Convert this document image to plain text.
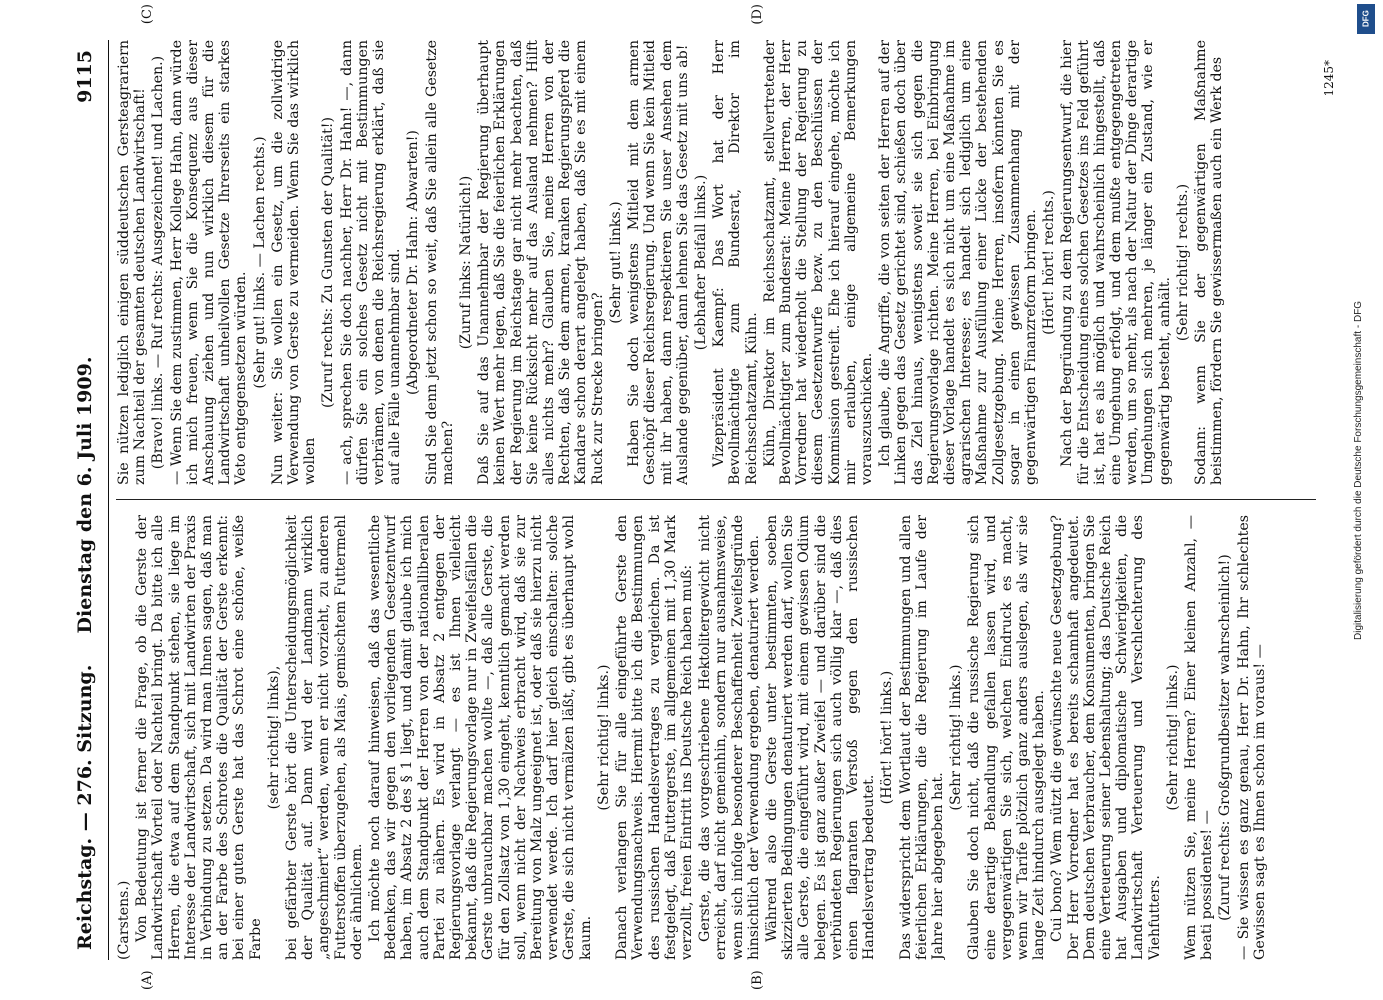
Reichstag. — 276. Sitzung.
Dienstag den 6. Juli 1909.
9115
(A)	(B)
(C)	(D)

(Carstens.) Von Bedeutung ist ferner die Frage, ob die Gerste der Landwirtschaft Vorteil oder Nachteil bringt. Da bitte ich alle Herren, die etwa auf dem Standpunkt stehen, sie liege im Interesse der Landwirtschaft, sich mit Landwirten der Praxis in Verbindung zu setzen. Da wird man Ihnen sagen, daß man an der Farbe des Schrotes die Qualität der Gerste erkennt: bei einer guten Gerste hat das Schrot eine schöne, weiße Farbe

(sehr richtig! links), bei gefärbter Gerste hört die Unterscheidungsmöglichkeit der Qualität auf. Dann wird der Landmann wirklich „angeschmiert“ werden, wenn er nicht vorzieht, zu anderen Futterstoffen überzugehen, als Mais, gemischtem Futtermehl oder ähnlichem. Ich möchte noch darauf hinweisen, daß das wesentliche Bedenken, das wir gegen den vorliegenden Gesetzentwurf haben, im Absatz 2 des § 1 liegt, und damit glaube ich mich auch dem Standpunkt der Herren von der nationalliberalen Partei zu nähern. Es wird in Absatz 2 entgegen der Regierungsvorlage verlangt — es ist Ihnen vielleicht bekannt, daß die Regierungsvorlage nur in Zweifelsfällen die Gerste unbrauchbar machen wollte —, daß alle Gerste, die für den Zollsatz von 1,30 eingeht, kenntlich gemacht werden soll, wenn nicht der Nachweis erbracht wird, daß sie zur Bereitung von Malz ungeeignet ist, oder daß sie hierzu nicht verwendet werde. Ich darf hier gleich einschalten: solche Gerste, die sich nicht vermälzen läßt, gibt es überhaupt wohl kaum.

(Sehr richtig! links.) Danach verlangen Sie für alle eingeführte Gerste den Verwendungsnachweis. Hiermit bitte ich die Bestimmungen des russischen Handelsvertrages zu vergleichen. Da ist festgelegt, daß Futtergerste, im allgemeinen mit 1,30 Mark verzollt, freien Eintritt ins Deutsche Reich haben muß: Gerste, die das vorgeschriebene Hektolitergewicht nicht erreicht, darf nicht gemeinhin, sondern nur ausnahmsweise, wenn sich infolge besonderer Beschaffenheit Zweifelsgründe hinsichtlich der Verwendung ergeben, denaturiert werden. Während also die Gerste unter bestimmten, soeben skizzierten Bedingungen denaturiert werden darf, wollen Sie alle Gerste, die eingeführt wird, mit einem gewissen Odium belegen. Es ist ganz außer Zweifel — und darüber sind die verbündeten Regierungen sich auch völlig klar —, daß dies einen flagranten Verstoß gegen den russischen Handelsvertrag bedeutet.

(Hört! hört! links.) Das widerspricht dem Wortlaut der Bestimmungen und allen feierlichen Erklärungen, die die Regierung im Laufe der Jahre hier abgegeben hat.

(Sehr richtig! links.) Glauben Sie doch nicht, daß die russische Regierung sich eine derartige Behandlung gefallen lassen wird, und vergegenwärtigen Sie sich, welchen Eindruck es macht, wenn wir Tarife plötzlich ganz anders auslegen, als wir sie lange Zeit hindurch ausgelegt haben. Cui bono? Wem nützt die gewünschte neue Gesetzgebung? Der Herr Vorredner hat es bereits schamhaft angedeutet. Dem deutschen Verbraucher, dem Konsumenten, bringen Sie eine Verteuerung seiner Lebenshaltung; das Deutsche Reich hat Ausgaben und diplomatische Schwierigkeiten, die Landwirtschaft Verteuerung und Verschlechterung des Viehfutters.

(Sehr richtig! links.) Wem nützen Sie, meine Herren? Einer kleinen Anzahl, — beati possidentes! — (Zuruf rechts: Großgrundbesitzer wahrscheinlich!) — Sie wissen es ganz genau, Herr Dr. Hahn, Ihr schlechtes Gewissen sagt es Ihnen schon im voraus! —

Sie nützen lediglich einigen süddeutschen Gersteagrariern zum Nachteil der gesamten deutschen Landwirtschaft! (Bravo! links. — Ruf rechts: Ausgezeichnet! und Lachen.) — Wenn Sie dem zustimmen, Herr Kollege Hahn, dann würde ich mich freuen, wenn Sie die Konsequenz aus dieser Anschauung ziehen und nun wirklich diesem für die Landwirtschaft unheilvollen Gesetze Ihrerseits ein starkes Veto entgegensetzen würden. (Sehr gut! links. — Lachen rechts.) Nun weiter: Sie wollen ein Gesetz, um die zollwidrige Verwendung von Gerste zu vermeiden. Wenn Sie das wirklich wollen

(Zuruf rechts: Zu Gunsten der Qualität!) — ach, sprechen Sie doch nachher, Herr Dr. Hahn! —, dann dürfen Sie ein solches Gesetz nicht mit Bestimmungen verbrämen, von denen die Reichsregierung erklärt, daß sie auf alle Fälle unannehmbar sind. (Abgeordneter Dr. Hahn: Abwarten!) Sind Sie denn jetzt schon so weit, daß Sie allein alle Gesetze machen?

(Zuruf links: Natürlich!) Daß Sie auf das Unannehmbar der Regierung überhaupt keinen Wert mehr legen, daß Sie die feierlichen Erklärungen der Regierung im Reichstage gar nicht mehr beachten, daß Sie keine Rücksicht mehr auf das Ausland nehmen? Hilft alles nichts mehr? Glauben Sie, meine Herren von der Rechten, daß Sie dem armen, kranken Regierungspferd die Kandare schon derart angelegt haben, daß Sie es mit einem Ruck zur Strecke bringen?

(Sehr gut! links.) Haben Sie doch wenigstens Mitleid mit dem armen Geschöpf dieser Reichsregierung. Und wenn Sie kein Mitleid mit ihr haben, dann respektieren Sie unser Ansehen dem Auslande gegenüber, dann lehnen Sie das Gesetz mit uns ab! (Lebhafter Beifall links.) Vizepräsident Kaempf: Das Wort hat der Herr Bevollmächtigte zum Bundesrat, Direktor im Reichsschatzamt, Kühn. Kühn, Direktor im Reichsschatzamt, stellvertretender Bevollmächtigter zum Bundesrat: Meine Herren, der Herr Vorredner hat wiederholt die Stellung der Regierung zu diesem Gesetzentwurfe bezw. zu den Beschlüssen der Kommission gestreift. Ehe ich hierauf eingehe, möchte ich mir erlauben, einige allgemeine Bemerkungen vorauszuschicken. Ich glaube, die Angriffe, die von seiten der Herren auf der Linken gegen das Gesetz gerichtet sind, schießen doch über das Ziel hinaus, wenigstens soweit sie sich gegen die Regierungsvorlage richten. Meine Herren, bei Einbringung dieser Vorlage handelt es sich nicht um eine Maßnahme im agrarischen Interesse; es handelt sich lediglich um eine Maßnahme zur Ausfüllung einer Lücke der bestehenden Zollgesetzgebung. Meine Herren, insofern könnten Sie es sogar in einen gewissen Zusammenhang mit der gegenwärtigen Finanzreform bringen. (Hört! hört! rechts.) Nach der Begründung zu dem Regierungsentwurf, die hier für die Entscheidung eines solchen Gesetzes ins Feld geführt ist, hat es als möglich und wahrscheinlich hingestellt, daß eine Umgehung erfolgt, und dem mußte entgegengetreten werden, um so mehr, als nach der Natur der Dinge derartige Umgehungen sich mehren, je länger ein Zustand, wie er gegenwärtig besteht, anhält.

(Sehr richtig! rechts.) Sodann: wenn Sie der gegenwärtigen Maßnahme beistimmen, fördern Sie gewissermaßen auch ein Werk des	1245*
DFG
Digitalisierung gefördert durch die Deutsche Forschungsgemeinschaft - DFG
